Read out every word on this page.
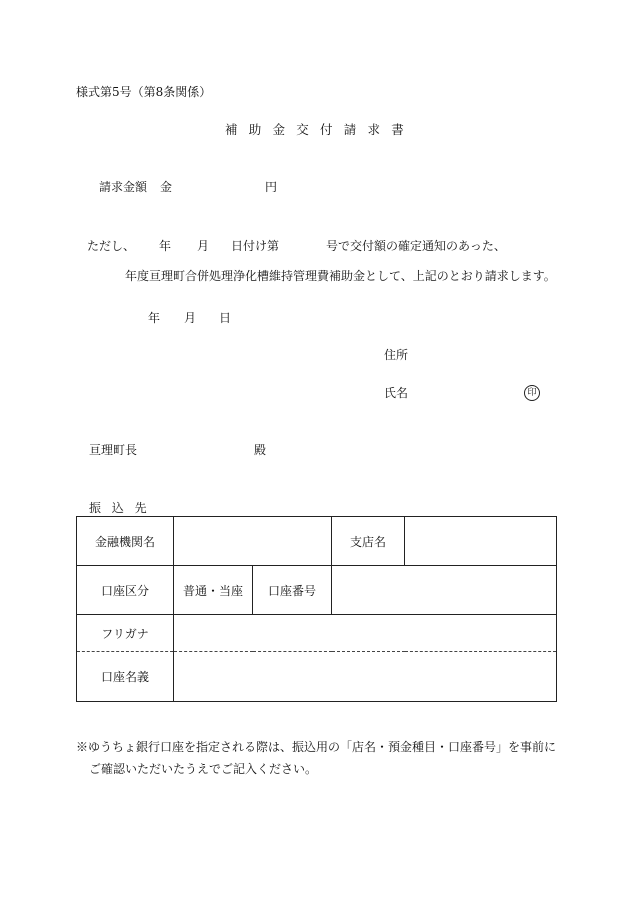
様式第5号（第8条関係）
補助金交付請求書
請求金額 金	円
ただし、 年 月 日付け第	号で交付額の確定通知のあった、
年度亘理町合併処理浄化槽維持管理費補助金として、上記のとおり請求します。
年 月 日
住所
氏名	印
亘理町長	殿
振込先
金融機関名			支店名	
口座区分	普通・当座	口座番号		
フリガナ				
口座名義				
※ゆうちょ銀行口座を指定される際は、振込用の「店名・預金種目・口座番号」を事前に
ご確認いただいたうえでご記入ください。
